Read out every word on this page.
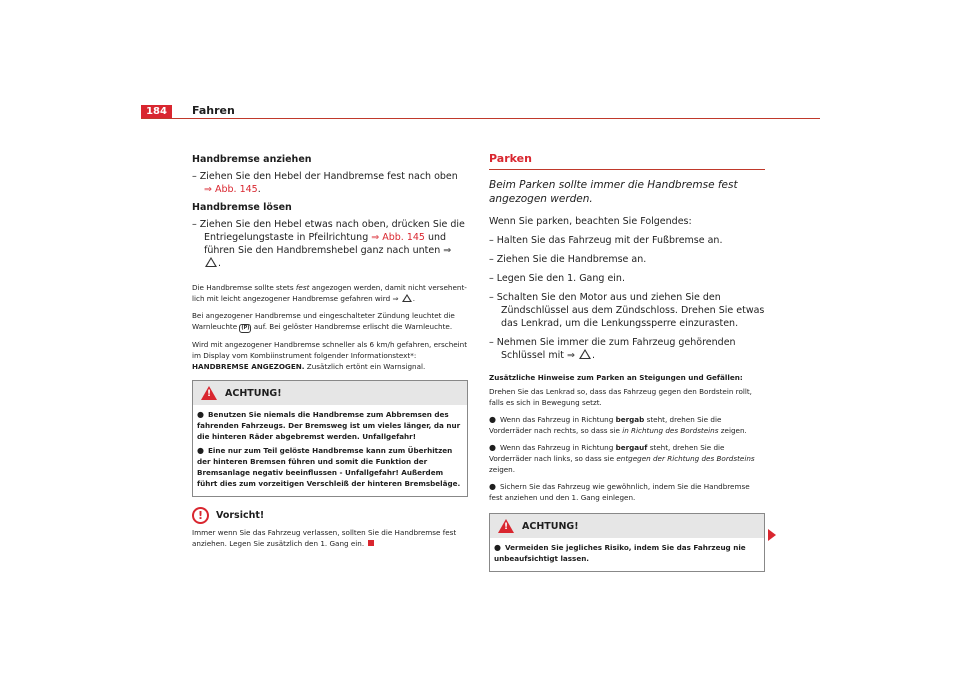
184	Fahren

Handbremse anziehen

– Ziehen Sie den Hebel der Handbremse fest nach oben ⇒ Abb. 145.

Handbremse lösen

– Ziehen Sie den Hebel etwas nach oben, drücken Sie die Entriegelungstaste in Pfeilrichtung ⇒ Abb. 145 und führen Sie den Handbremshebel ganz nach unten ⇒ .

Die Handbremse sollte stets fest angezogen werden, damit nicht versehentlich mit leicht angezogener Handbremse gefahren wird ⇒ .

Bei angezogener Handbremse und eingeschalteter Zündung leuchtet die Warnleuchte (P) auf. Bei gelöster Handbremse erlischt die Warnleuchte.

Wird mit angezogener Handbremse schneller als 6 km/h gefahren, erscheint im Display vom Kombiinstrument folgender Informationstext*: HANDBREMSE ANGEZOGEN. Zusätzlich ertönt ein Warnsignal.

!
ACHTUNG!

● Benutzen Sie niemals die Handbremse zum Abbremsen des fahrenden Fahrzeugs. Der Bremsweg ist um vieles länger, da nur die hinteren Räder abgebremst werden. Unfallgefahr!

● Eine nur zum Teil gelöste Handbremse kann zum Überhitzen der hinteren Bremsen führen und somit die Funktion der Bremsanlage negativ beeinflussen - Unfallgefahr! Außerdem führt dies zum vorzeitigen Verschleiß der hinteren Bremsbeläge.

!	Vorsicht!

Immer wenn Sie das Fahrzeug verlassen, sollten Sie die Handbremse fest anziehen. Legen Sie zusätzlich den 1. Gang ein.

Parken

Beim Parken sollte immer die Handbremse fest angezogen werden.

Wenn Sie parken, beachten Sie Folgendes:

– Halten Sie das Fahrzeug mit der Fußbremse an.

– Ziehen Sie die Handbremse an.

– Legen Sie den 1. Gang ein.

– Schalten Sie den Motor aus und ziehen Sie den Zündschlüssel aus dem Zündschloss. Drehen Sie etwas das Lenkrad, um die Lenkungssperre einzurasten.

– Nehmen Sie immer die zum Fahrzeug gehörenden Schlüssel mit ⇒ .

Zusätzliche Hinweise zum Parken an Steigungen und Gefällen:

Drehen Sie das Lenkrad so, dass das Fahrzeug gegen den Bordstein rollt, falls es sich in Bewegung setzt.

● Wenn das Fahrzeug in Richtung bergab steht, drehen Sie die Vorderräder nach rechts, so dass sie in Richtung des Bordsteins zeigen.

● Wenn das Fahrzeug in Richtung bergauf steht, drehen Sie die Vorderräder nach links, so dass sie entgegen der Richtung des Bordsteins zeigen.

● Sichern Sie das Fahrzeug wie gewöhnlich, indem Sie die Handbremse fest anziehen und den 1. Gang einlegen.

!
ACHTUNG!

● Vermeiden Sie jegliches Risiko, indem Sie das Fahrzeug nie unbeaufsichtigt lassen.
